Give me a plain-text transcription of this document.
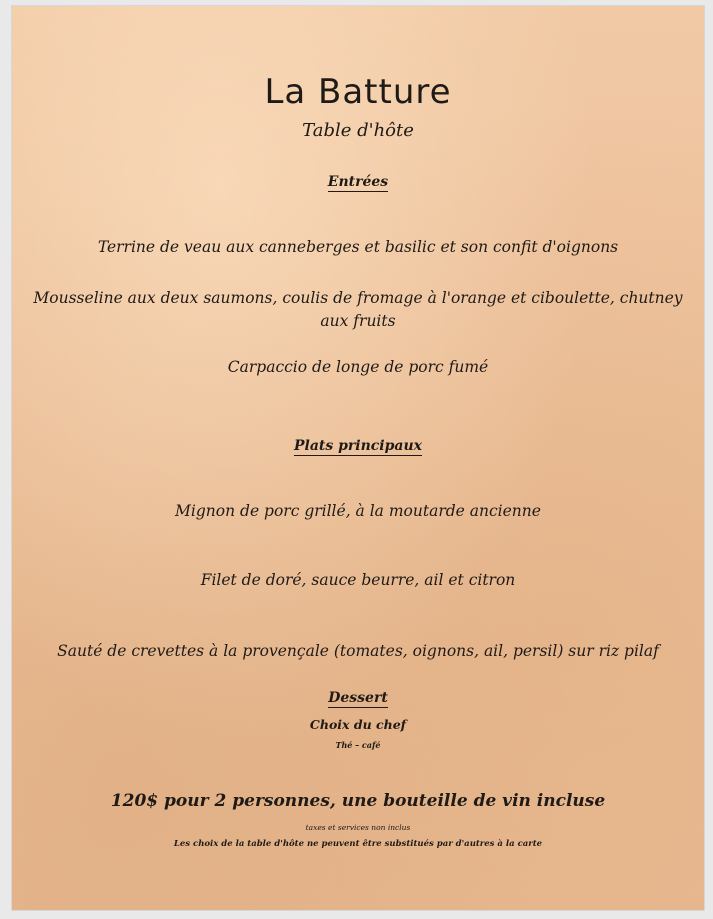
La Batture
Table d'hôte
Entrées
Terrine de veau aux canneberges et basilic et son confit d'oignons
Mousseline aux deux saumons, coulis de fromage à l'orange et ciboulette, chutney
aux fruits
Carpaccio de longe de porc fumé
Plats principaux
Mignon de porc grillé, à la moutarde ancienne
Filet de doré, sauce beurre, ail et citron
Sauté de crevettes à la provençale (tomates, oignons, ail, persil) sur riz pilaf
Dessert
Choix du chef
Thé – café
120$ pour 2 personnes, une bouteille de vin incluse
taxes et services non inclus
Les choix de la table d'hôte ne peuvent être substitués par d'autres à la carte
